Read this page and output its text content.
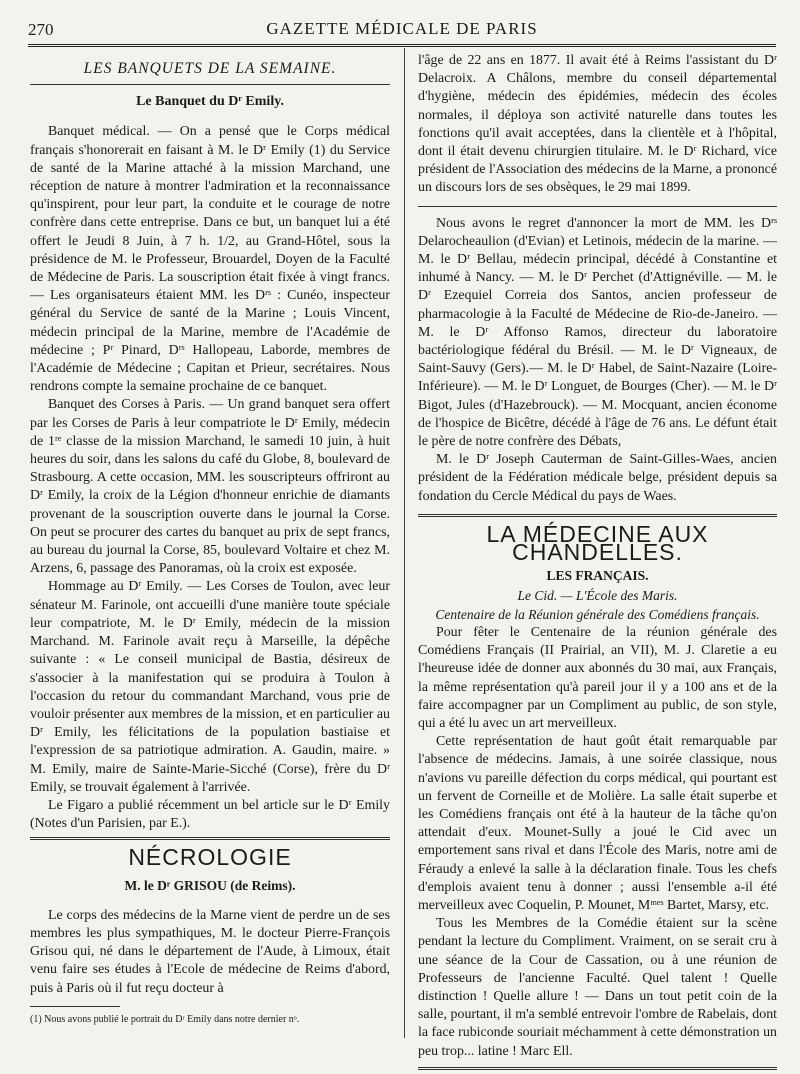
270	GAZETTE MÉDICALE DE PARIS
LES BANQUETS DE LA SEMAINE.
Le Banquet du Dʳ Emily.

Banquet médical. — On a pensé que le Corps médical français s'honorerait en faisant à M. le Dʳ Emily (1) du Service de santé de la Marine attaché à la mission Marchand, une réception de nature à montrer l'admiration et la reconnaissance qu'inspirent, pour leur part, la conduite et le courage de notre confrère dans cette entreprise. Dans ce but, un banquet lui a été offert le Jeudi 8 Juin, à 7 h. 1/2, au Grand-Hôtel, sous la présidence de M. le Professeur, Brouardel, Doyen de la Faculté de Médecine de Paris. La souscription était fixée à vingt francs. — Les organisateurs étaient MM. les Dʳˢ : Cunéo, inspecteur général du Service de santé de la Marine ; Louis Vincent, médecin principal de la Marine, membre de l'Académie de médecine ; Pʳ Pinard, Dʳˢ Hallopeau, Laborde, membres de l'Académie de Médecine ; Capitan et Prieur, secrétaires. Nous rendrons compte la semaine prochaine de ce banquet.

Banquet des Corses à Paris. — Un grand banquet sera offert par les Corses de Paris à leur compatriote le Dʳ Emily, médecin de 1ʳᵉ classe de la mission Marchand, le samedi 10 juin, à huit heures du soir, dans les salons du café du Globe, 8, boulevard de Strasbourg. A cette occasion, MM. les souscripteurs offriront au Dʳ Emily, la croix de la Légion d'honneur enrichie de diamants provenant de la souscription ouverte dans le journal la Corse. On peut se procurer des cartes du banquet au prix de sept francs, au bureau du journal la Corse, 85, boulevard Voltaire et chez M. Arzens, 6, passage des Panoramas, où la croix est exposée.

Hommage au Dʳ Emily. — Les Corses de Toulon, avec leur sénateur M. Farinole, ont accueilli d'une manière toute spéciale leur compatriote, M. le Dʳ Emily, médecin de la mission Marchand. M. Farinole avait reçu à Marseille, la dépêche suivante : « Le conseil municipal de Bastia, désireux de s'associer à la manifestation qui se produira à Toulon à l'occasion du retour du commandant Marchand, vous prie de vouloir présenter aux membres de la mission, et en particulier au Dʳ Emily, les félicitations de la population bastiaise et l'expression de sa patriotique admiration. A. Gaudin, maire. » M. Emily, maire de Sainte-Marie-Sicché (Corse), frère du Dʳ Emily, se trouvait également à l'arrivée.

Le Figaro a publié récemment un bel article sur le Dʳ Emily (Notes d'un Parisien, par E.).

NÉCROLOGIE
M. le Dʳ GRISOU (de Reims).

Le corps des médecins de la Marne vient de perdre un de ses membres les plus sympathiques, M. le docteur Pierre-François Grisou qui, né dans le département de l'Aude, à Limoux, était venu faire ses études à l'Ecole de médecine de Reims d'abord, puis à Paris où il fut reçu docteur à

(1) Nous avons publié le portrait du Dʳ Emily dans notre dernier nᵒ.

l'âge de 22 ans en 1877. Il avait été à Reims l'assistant du Dʳ Delacroix. A Châlons, membre du conseil départemental d'hygiène, médecin des épidémies, médecin des écoles normales, il déploya son activité naturelle dans toutes les fonctions qu'il avait acceptées, dans la clientèle et à l'hôpital, dont il était devenu chirurgien titulaire. M. le Dʳ Richard, vice président de l'Association des médecins de la Marne, a prononcé un discours lors de ses obsèques, le 29 mai 1899.

Nous avons le regret d'annoncer la mort de MM. les Dʳˢ Delarocheaulion (d'Evian) et Letinois, médecin de la marine. —M. le Dʳ Bellau, médecin principal, décédé à Constantine et inhumé à Nancy. — M. le Dʳ Perchet (d'Attignéville. — M. le Dʳ Ezequiel Correia dos Santos, ancien professeur de pharmacologie à la Faculté de Médecine de Rio-de-Janeiro. — M. le Dʳ Affonso Ramos, directeur du laboratoire bactériologique fédéral du Brésil. — M. le Dʳ Vigneaux, de Saint-Sauvy (Gers).— M. le Dʳ Habel, de Saint-Nazaire (Loire-Inférieure). — M. le Dʳ Longuet, de Bourges (Cher). — M. le Dʳ Bigot, Jules (d'Hazebrouck). — M. Mocquant, ancien économe de l'hospice de Bicêtre, décédé à l'âge de 76 ans. Le défunt était le père de notre confrère des Débats,

M. le Dʳ Joseph Cauterman de Saint-Gilles-Waes, ancien président de la Fédération médicale belge, président depuis sa fondation du Cercle Médical du pays de Waes.

LA MÉDECINE AUX CHANDELLES.
LES FRANÇAIS.
Le Cid. — L'École des Maris.
Centenaire de la Réunion générale des Comédiens français.

Pour fêter le Centenaire de la réunion générale des Comédiens Français (II Prairial, an VII), M. J. Claretie a eu l'heureuse idée de donner aux abonnés du 30 mai, aux Français, la même représentation qu'à pareil jour il y a 100 ans et de la faire accompagner par un Compliment au public, de son style, qui a été lu avec un art merveilleux.

Cette représentation de haut goût était remarquable par l'absence de médecins. Jamais, à une soirée classique, nous n'avions vu pareille défection du corps médical, qui pourtant est un fervent de Corneille et de Molière. La salle était superbe et les Comédiens français ont été à la hauteur de la tâche qu'on attendait d'eux. Mounet-Sully a joué le Cid avec un emportement sans rival et dans l'École des Maris, notre ami de Féraudy a enlevé la salle à la déclaration finale. Tous les chefs d'emplois avaient tenu à donner ; aussi l'ensemble a-il été merveilleux avec Coquelin, P. Mounet, Mᵐᵉˢ Bartet, Marsy, etc.

Tous les Membres de la Comédie étaient sur la scène pendant la lecture du Compliment. Vraiment, on se serait cru à une séance de la Cour de Cassation, ou à une réunion de Professeurs de l'ancienne Faculté. Quel talent ! Quelle distinction ! Quelle allure ! — Dans un tout petit coin de la salle, pourtant, il m'a semblé entrevoir l'ombre de Rabelais, dont la face rubiconde souriait méchamment à cette démonstration un peu trop... latine ! Marc Ell.
